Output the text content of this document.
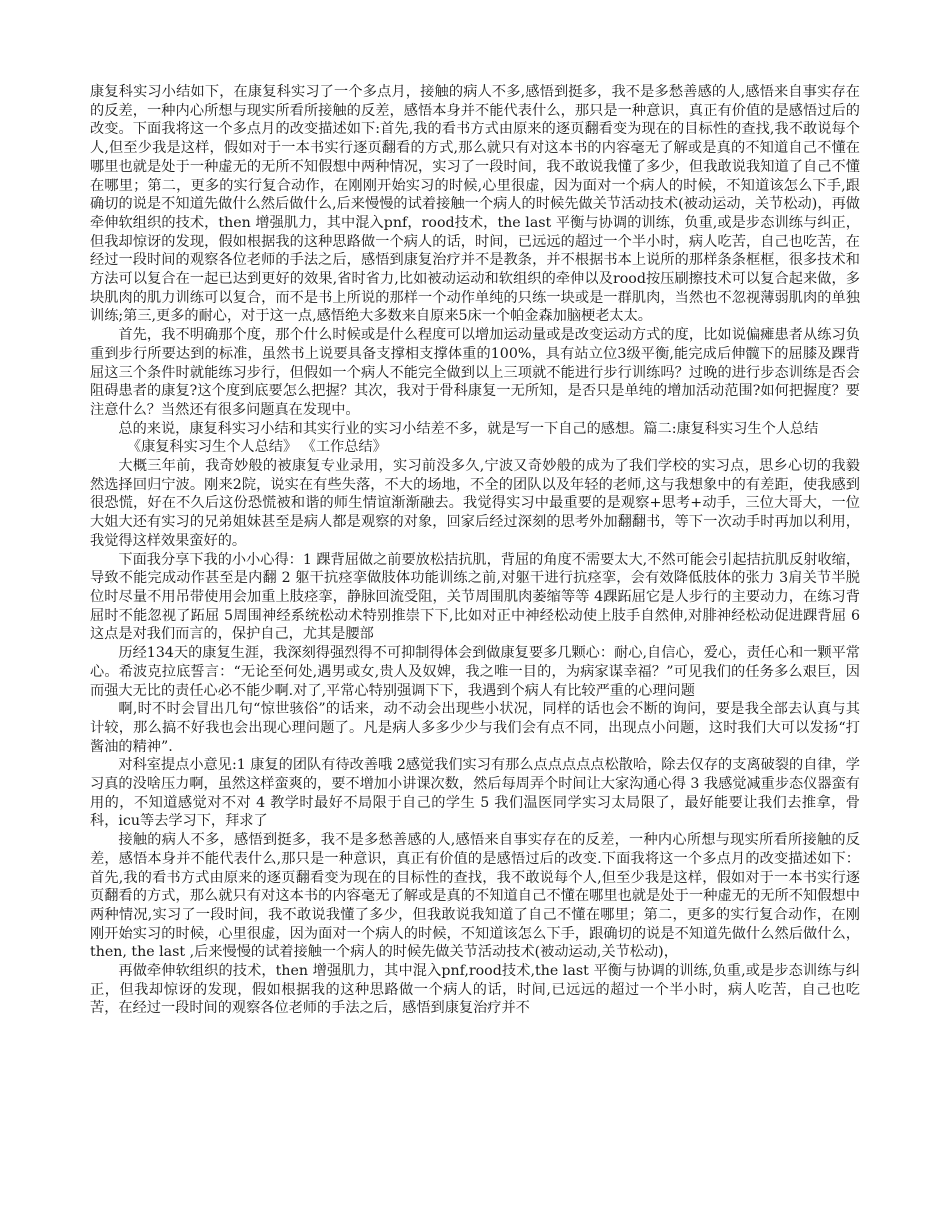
康复科实习小结如下，在康复科实习了一个多点月，接触的病人不多,感悟到挺多，我不是多愁善感的人,感悟来自事实存在的反差，一种内心所想与现实所看所接触的反差，感悟本身并不能代表什么，那只是一种意识，真正有价值的是感悟过后的改变。下面我将这一个多点月的改变描述如下:首先,我的看书方式由原来的逐页翻看变为现在的目标性的查找,我不敢说每个人,但至少我是这样，假如对于一本书实行逐页翻看的方式,那么就只有对这本书的内容毫无了解或是真的不知道自己不懂在哪里也就是处于一种虚无的无所不知假想中两种情况，实习了一段时间，我不敢说我懂了多少，但我敢说我知道了自己不懂在哪里；第二，更多的实行复合动作，在刚刚开始实习的时候,心里很虚，因为面对一个病人的时候，不知道该怎么下手,跟确切的说是不知道先做什么然后做什么,后来慢慢的试着接触一个病人的时候先做关节活动技术(被动运动，关节松动)，再做牵伸软组织的技术，then 增强肌力，其中混入pnf，rood技术，the last 平衡与协调的训练，负重,或是步态训练与纠正，但我却惊讶的发现，假如根据我的这种思路做一个病人的话，时间，已远远的超过一个半小时，病人吃苦，自己也吃苦，在经过一段时间的观察各位老师的手法之后，感悟到康复治疗并不是教条，并不根据书本上说所的那样条条框框，很多技术和方法可以复合在一起已达到更好的效果,省时省力,比如被动运动和软组织的牵伸以及rood按压刷擦技术可以复合起来做，多块肌肉的肌力训练可以复合，而不是书上所说的那样一个动作单纯的只练一块或是一群肌肉，当然也不忽视薄弱肌肉的单独训练;第三,更多的耐心，对于这一点,感悟绝大多数来自原来5床一个帕金森加脑梗老太太。

首先，我不明确那个度，那个什么时候或是什么程度可以增加运动量或是改变运动方式的度，比如说偏瘫患者从练习负重到步行所要达到的标准，虽然书上说要具备支撑相支撑体重的100%，具有站立位3级平衡,能完成后伸髋下的屈膝及踝背屈这三个条件时就能练习步行，但假如一个病人不能完全做到以上三项就不能进行步行训练吗？过晚的进行步态训练是否会阻碍患者的康复?这个度到底要怎么把握？其次，我对于骨科康复一无所知，是否只是单纯的增加活动范围?如何把握度？要注意什么？当然还有很多问题真在发现中。

总的来说，康复科实习小结和其实行业的实习小结差不多，就是写一下自己的感想。篇二:康复科实习生个人总结

《康复科实习生个人总结》 《工作总结》

大概三年前，我奇妙般的被康复专业录用，实习前没多久,宁波又奇妙般的成为了我们学校的实习点，思乡心切的我毅然选择回归宁波。刚来2院，说实在有些失落，不大的场地，不全的团队以及年轻的老师,这与我想象中的有差距，使我感到很恐慌，好在不久后这份恐慌被和谐的师生情谊渐渐融去。我觉得实习中最重要的是观察+思考+动手，三位大哥大，一位大姐大还有实习的兄弟姐妹甚至是病人都是观察的对象，回家后经过深刻的思考外加翻翻书，等下一次动手时再加以利用，我觉得这样效果蛮好的。

下面我分享下我的小小心得：1 踝背屈做之前要放松拮抗肌，背屈的角度不需要太大,不然可能会引起拮抗肌反射收缩，导致不能完成动作甚至是内翻 2 躯干抗痉挛做肢体功能训练之前,对躯干进行抗痉挛，会有效降低肢体的张力 3肩关节半脱位时尽量不用吊带使用会加重上肢痉挛，静脉回流受阻，关节周围肌肉萎缩等等 4踝跖屈它是人步行的主要动力，在练习背屈时不能忽视了跖屈 5周围神经系统松动术特别推崇下下,比如对正中神经松动使上肢手自然伸,对腓神经松动促进踝背屈 6这点是对我们而言的，保护自己，尤其是腰部

历经134天的康复生涯，我深刻得强烈得不可抑制得体会到做康复要多几颗心：耐心,自信心，爱心，责任心和一颗平常心。希波克拉底誓言：“无论至何处,遇男或女,贵人及奴婢，我之唯一目的，为病家谋幸福？”可见我们的任务多么艰巨，因而强大无比的责任心必不能少啊.对了,平常心特别强调下下，我遇到个病人有比较严重的心理问题

啊,时不时会冒出几句“惊世骇俗”的话来，动不动会出现些小状况，同样的话也会不断的询问，要是我全部去认真与其计较，那么搞不好我也会出现心理问题了。凡是病人多多少少与我们会有点不同，出现点小问题，这时我们大可以发扬“打酱油的精神”.

对科室提点小意见:1 康复的团队有待改善哦 2感觉我们实习有那么点点点点点松散哈，除去仅存的支离破裂的自律，学习真的没啥压力啊，虽然这样蛮爽的，要不增加小讲课次数，然后每周弄个时间让大家沟通心得 3 我感觉减重步态仪器蛮有用的，不知道感觉对不对 4 教学时最好不局限于自己的学生 5 我们温医同学实习太局限了，最好能要让我们去推拿，骨科，icu等去学习下，拜求了

接触的病人不多，感悟到挺多，我不是多愁善感的人,感悟来自事实存在的反差，一种内心所想与现实所看所接触的反差，感悟本身并不能代表什么,那只是一种意识，真正有价值的是感悟过后的改变.下面我将这一个多点月的改变描述如下：首先,我的看书方式由原来的逐页翻看变为现在的目标性的查找，我不敢说每个人,但至少我是这样，假如对于一本书实行逐页翻看的方式，那么就只有对这本书的内容毫无了解或是真的不知道自己不懂在哪里也就是处于一种虚无的无所不知假想中两种情况,实习了一段时间，我不敢说我懂了多少，但我敢说我知道了自己不懂在哪里；第二，更多的实行复合动作，在刚刚开始实习的时候，心里很虚，因为面对一个病人的时候，不知道该怎么下手，跟确切的说是不知道先做什么然后做什么，then, the last ,后来慢慢的试着接触一个病人的时候先做关节活动技术(被动运动,关节松动)，

再做牵伸软组织的技术，then 增强肌力，其中混入pnf,rood技术,the last 平衡与协调的训练,负重,或是步态训练与纠正，但我却惊讶的发现，假如根据我的这种思路做一个病人的话，时间,已远远的超过一个半小时，病人吃苦，自己也吃苦，在经过一段时间的观察各位老师的手法之后，感悟到康复治疗并不
